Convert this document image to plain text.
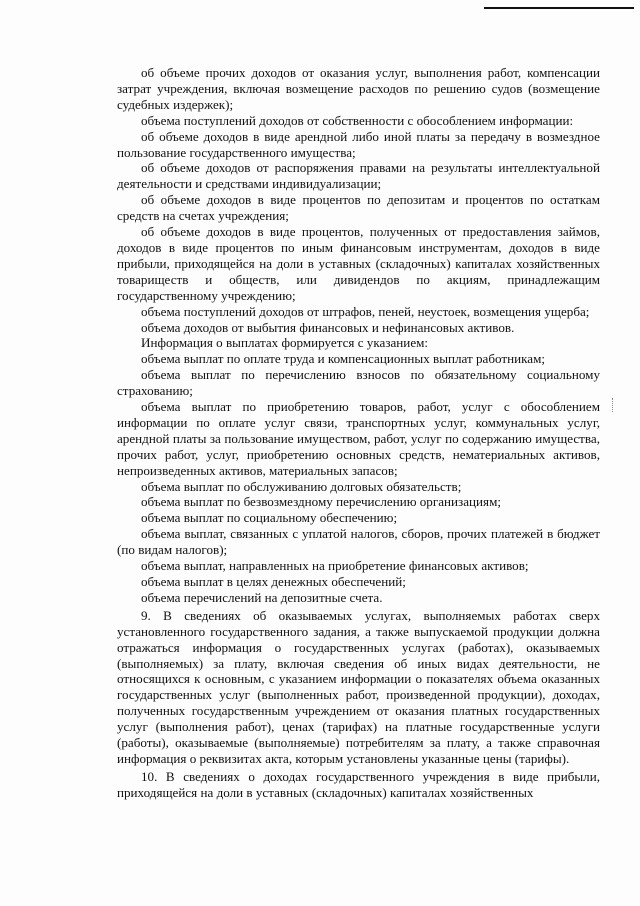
об объеме прочих доходов от оказания услуг, выполнения работ, компенсации затрат учреждения, включая возмещение расходов по решению судов (возмещение судебных издержек);

объема поступлений доходов от собственности с обособлением информации:

об объеме доходов в виде арендной либо иной платы за передачу в возмездное пользование государственного имущества;

об объеме доходов от распоряжения правами на результаты интеллектуальной деятельности и средствами индивидуализации;

об объеме доходов в виде процентов по депозитам и процентов по остаткам средств на счетах учреждения;

об объеме доходов в виде процентов, полученных от предоставления займов, доходов в виде процентов по иным финансовым инструментам, доходов в виде прибыли, приходящейся на доли в уставных (складочных) капиталах хозяйственных товариществ и обществ, или дивидендов по акциям, принадлежащим государственному учреждению;

объема поступлений доходов от штрафов, пеней, неустоек, возмещения ущерба;

объема доходов от выбытия финансовых и нефинансовых активов.

Информация о выплатах формируется с указанием:

объема выплат по оплате труда и компенсационных выплат работникам;

объема выплат по перечислению взносов по обязательному социальному страхованию;

объема выплат по приобретению товаров, работ, услуг с обособлением информации по оплате услуг связи, транспортных услуг, коммунальных услуг, арендной платы за пользование имуществом, работ, услуг по содержанию имущества, прочих работ, услуг, приобретению основных средств, нематериальных активов, непроизведенных активов, материальных запасов;

объема выплат по обслуживанию долговых обязательств;

объема выплат по безвозмездному перечислению организациям;

объема выплат по социальному обеспечению;

объема выплат, связанных с уплатой налогов, сборов, прочих платежей в бюджет (по видам налогов);

объема выплат, направленных на приобретение финансовых активов;

объема выплат в целях денежных обеспечений;

объема перечислений на депозитные счета.

9. В сведениях об оказываемых услугах, выполняемых работах сверх установленного государственного задания, а также выпускаемой продукции должна отражаться информация о государственных услугах (работах), оказываемых (выполняемых) за плату, включая сведения об иных видах деятельности, не относящихся к основным, с указанием информации о показателях объема оказанных государственных услуг (выполненных работ, произведенной продукции), доходах, полученных государственным учреждением от оказания платных государственных услуг (выполнения работ), ценах (тарифах) на платные государственные услуги (работы), оказываемые (выполняемые) потребителям за плату, а также справочная информация о реквизитах акта, которым установлены указанные цены (тарифы).

10. В сведениях о доходах государственного учреждения в виде прибыли, приходящейся на доли в уставных (складочных) капиталах хозяйственных
